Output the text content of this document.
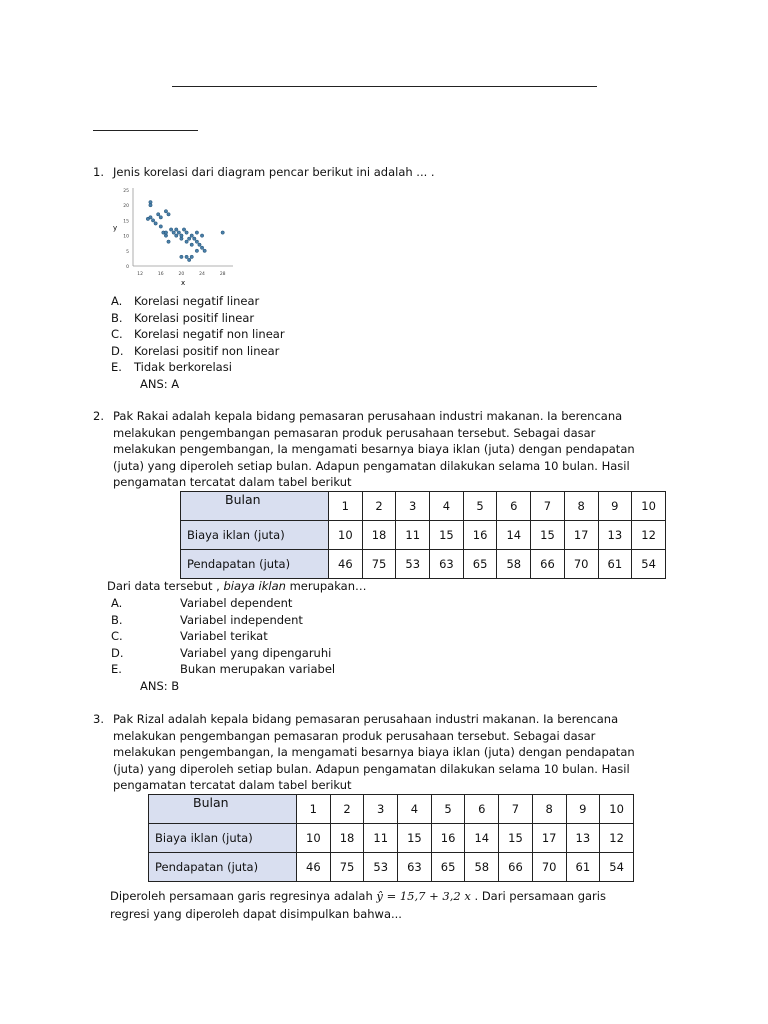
1. Jenis korelasi dari diagram pencar berikut ini adalah ... .
25
20
15
10
5
0
12	16	20	24	28
y
x
A. Korelasi negatif linear
B. Korelasi positif linear
C. Korelasi negatif non linear
D. Korelasi positif non linear
E. Tidak berkorelasi
ANS: A
2. Pak Rakai adalah kepala bidang pemasaran perusahaan industri makanan. Ia berencana melakukan pengembangan pemasaran produk perusahaan tersebut. Sebagai dasar melakukan pengembangan, Ia mengamati besarnya biaya iklan (juta) dengan pendapatan (juta) yang diperoleh setiap bulan. Adapun pengamatan dilakukan selama 10 bulan. Hasil pengamatan tercatat dalam tabel berikut
Bulan	1	2	3	4	5	6	7	8	9	10
Biaya iklan (juta)	10	18	11	15	16	14	15	17	13	12
Pendapatan (juta)	46	75	53	63	65	58	66	70	61	54
Dari data tersebut , biaya iklan merupakan…
A.	Variabel dependent
B.	Variabel independent
C.	Variabel terikat
D.	Variabel yang dipengaruhi
E.	Bukan merupakan variabel
ANS: B
3. Pak Rizal adalah kepala bidang pemasaran perusahaan industri makanan. Ia berencana melakukan pengembangan pemasaran produk perusahaan tersebut. Sebagai dasar melakukan pengembangan, Ia mengamati besarnya biaya iklan (juta) dengan pendapatan (juta) yang diperoleh setiap bulan. Adapun pengamatan dilakukan selama 10 bulan. Hasil pengamatan tercatat dalam tabel berikut
Bulan	1	2	3	4	5	6	7	8	9	10
Biaya iklan (juta)	10	18	11	15	16	14	15	17	13	12
Pendapatan (juta)	46	75	53	63	65	58	66	70	61	54
Diperoleh persamaan garis regresinya adalah ŷ = 15,7 + 3,2 x . Dari persamaan garis
regresi yang diperoleh dapat disimpulkan bahwa...
